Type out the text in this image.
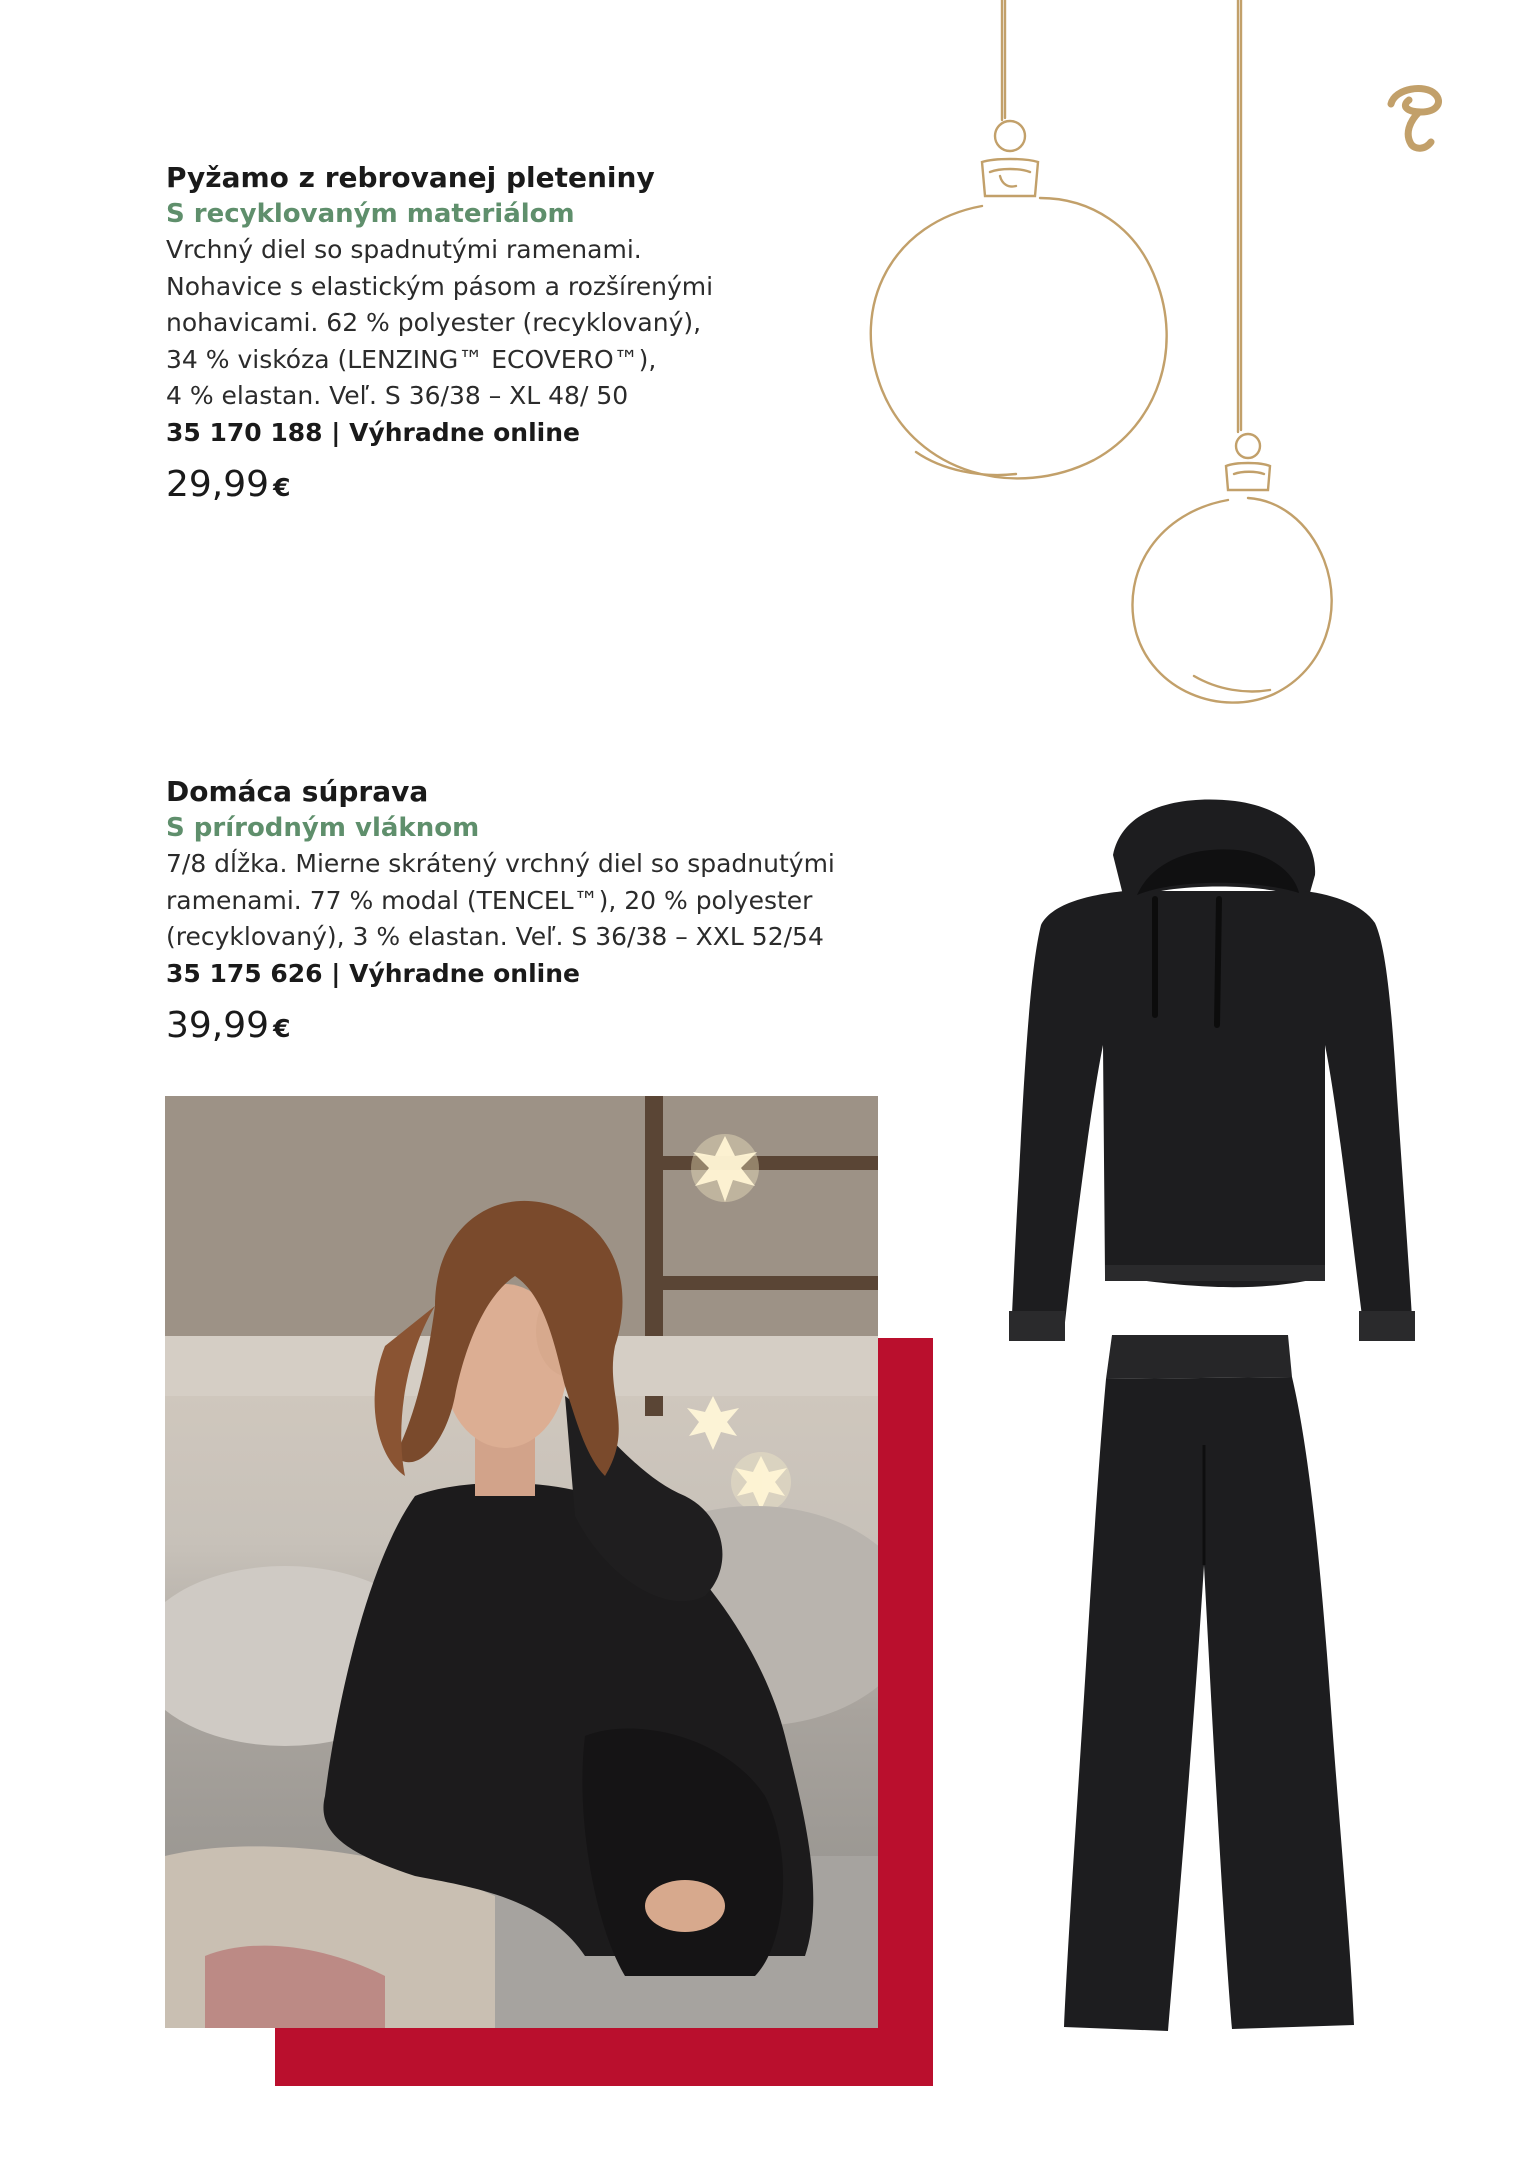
Pyžamo z rebrovanej pleteniny

S recyklovaným materiálom

Vrchný diel so spadnutými ramenami.
Nohavice s elastickým pásom a rozšírenými
nohavicami. 62 % polyester (recyklovaný),
34 % viskóza (LENZING™ ECOVERO™),
4 % elastan. Veľ. S 36/38 – XL 48/ 50

35 170 188 | Výhradne online

29,99 €

Domáca súprava

S prírodným vláknom

7/8 dĺžka. Mierne skrátený vrchný diel so spadnutými
ramenami. 77 % modal (TENCEL™), 20 % polyester
(recyklovaný), 3 % elastan. Veľ. S 36/38 – XXL 52/54

35 175 626 | Výhradne online

39,99 €
